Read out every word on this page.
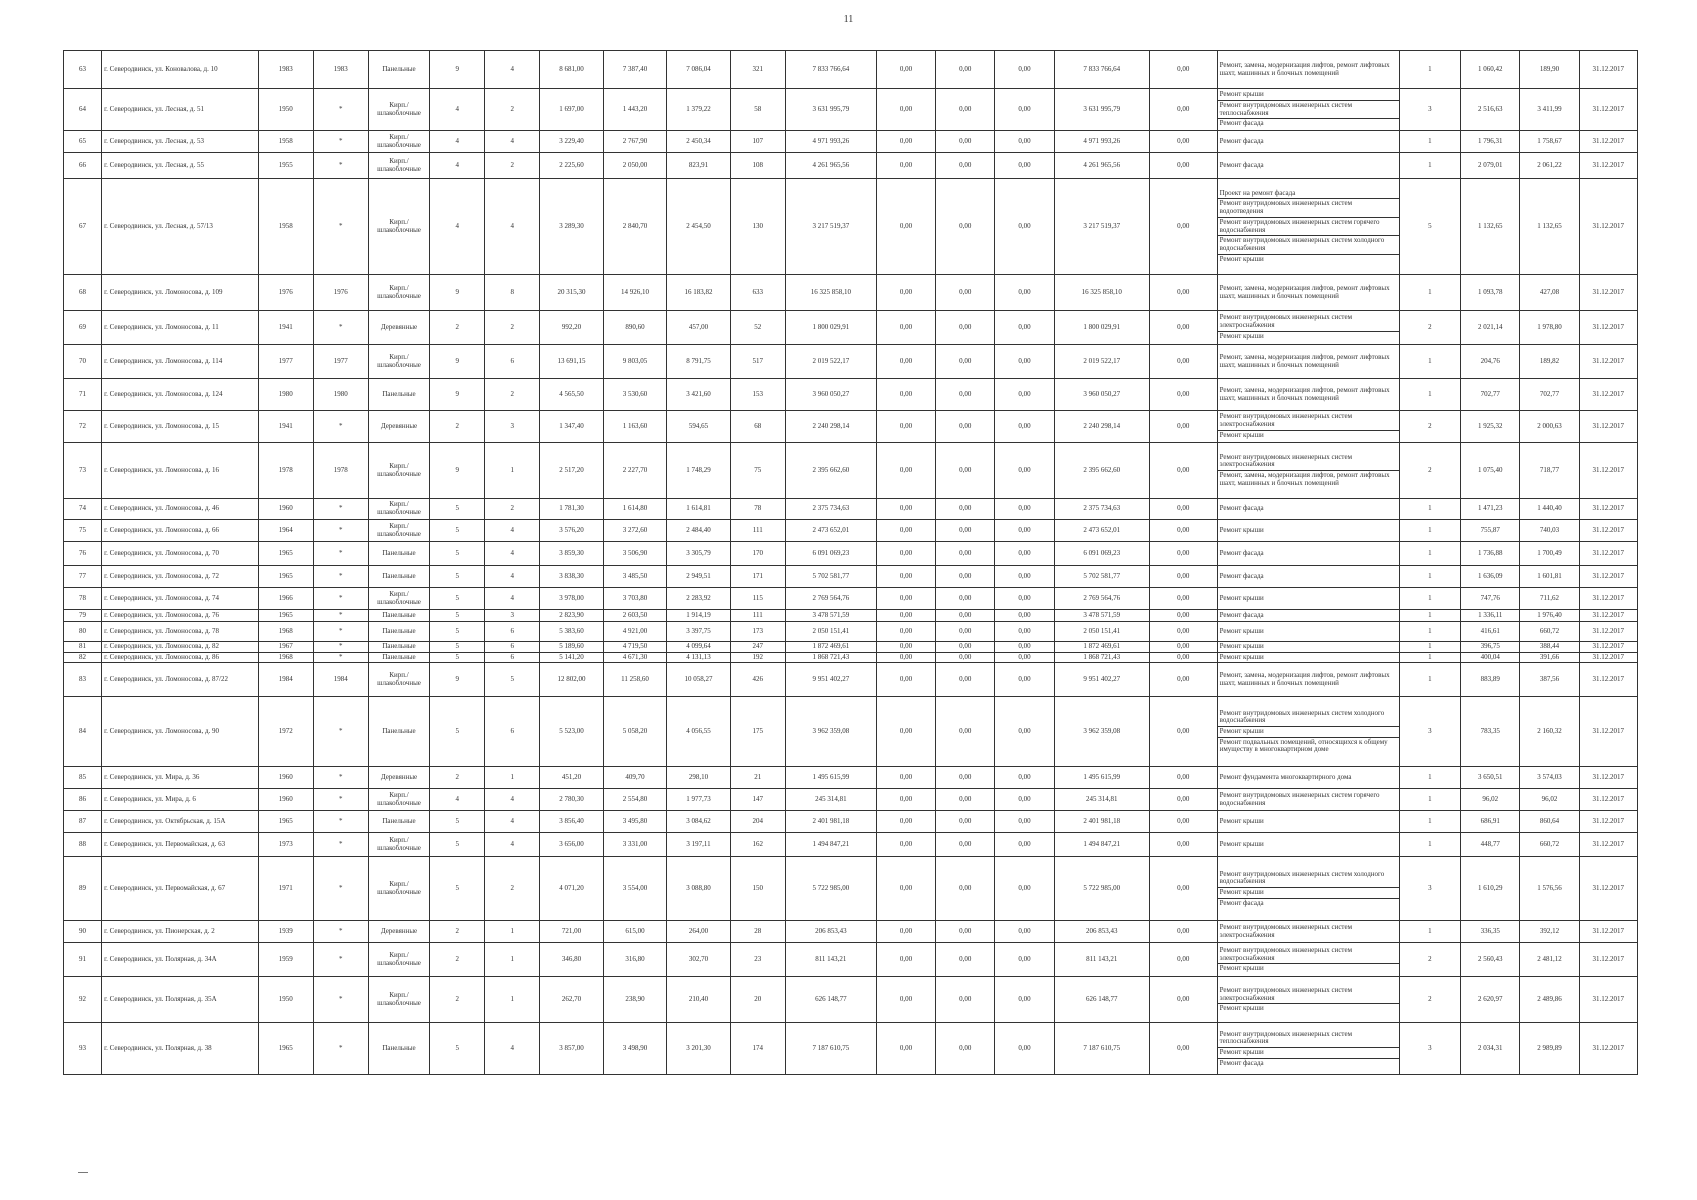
11
63	г. Северодвинск, ул. Коновалова, д. 10	1983	1983	Панельные	9	4	8 681,00	7 387,40	7 086,04	321	7 833 766,64	0,00	0,00	0,00	7 833 766,64	0,00	Ремонт, замена, модернизация лифтов, ремонт лифтовых шахт, машинных и блочных помещений	1	1 060,42	189,90	31.12.2017
64	г. Северодвинск, ул. Лесная, д. 51	1950	*	Кирп./ шлакоблочные	4	2	1 697,00	1 443,20	1 379,22	58	3 631 995,79	0,00	0,00	0,00	3 631 995,79	0,00	Ремонт крыши
Ремонт внутридомовых инженерных систем теплоснабжения
Ремонт фасада	3	2 516,63	3 411,99	31.12.2017
65	г. Северодвинск, ул. Лесная, д. 53	1958	*	Кирп./ шлакоблочные	4	4	3 229,40	2 767,90	2 450,34	107	4 971 993,26	0,00	0,00	0,00	4 971 993,26	0,00	Ремонт фасада	1	1 796,31	1 758,67	31.12.2017
66	г. Северодвинск, ул. Лесная, д. 55	1955	*	Кирп./ шлакоблочные	4	2	2 225,60	2 050,00	823,91	108	4 261 965,56	0,00	0,00	0,00	4 261 965,56	0,00	Ремонт фасада	1	2 079,01	2 061,22	31.12.2017
67	г. Северодвинск, ул. Лесная, д. 57/13	1958	*	Кирп./ шлакоблочные	4	4	3 289,30	2 840,70	2 454,50	130	3 217 519,37	0,00	0,00	0,00	3 217 519,37	0,00	Проект на ремонт фасада
Ремонт внутридомовых инженерных систем водоотведения
Ремонт внутридомовых инженерных систем горячего водоснабжения
Ремонт внутридомовых инженерных систем холодного водоснабжения
Ремонт крыши	5	1 132,65	1 132,65	31.12.2017
68	г. Северодвинск, ул. Ломоносова, д. 109	1976	1976	Кирп./ шлакоблочные	9	8	20 315,30	14 926,10	16 183,82	633	16 325 858,10	0,00	0,00	0,00	16 325 858,10	0,00	Ремонт, замена, модернизация лифтов, ремонт лифтовых шахт, машинных и блочных помещений	1	1 093,78	427,08	31.12.2017
69	г. Северодвинск, ул. Ломоносова, д. 11	1941	*	Деревянные	2	2	992,20	890,60	457,00	52	1 800 029,91	0,00	0,00	0,00	1 800 029,91	0,00	Ремонт внутридомовых инженерных систем электроснабжения
Ремонт крыши	2	2 021,14	1 978,80	31.12.2017
70	г. Северодвинск, ул. Ломоносова, д. 114	1977	1977	Кирп./ шлакоблочные	9	6	13 691,15	9 803,05	8 791,75	517	2 019 522,17	0,00	0,00	0,00	2 019 522,17	0,00	Ремонт, замена, модернизация лифтов, ремонт лифтовых шахт, машинных и блочных помещений	1	204,76	189,82	31.12.2017
71	г. Северодвинск, ул. Ломоносова, д. 124	1980	1980	Панельные	9	2	4 565,50	3 530,60	3 421,60	153	3 960 050,27	0,00	0,00	0,00	3 960 050,27	0,00	Ремонт, замена, модернизация лифтов, ремонт лифтовых шахт, машинных и блочных помещений	1	702,77	702,77	31.12.2017
72	г. Северодвинск, ул. Ломоносова, д. 15	1941	*	Деревянные	2	3	1 347,40	1 163,60	594,65	68	2 240 298,14	0,00	0,00	0,00	2 240 298,14	0,00	Ремонт внутридомовых инженерных систем электроснабжения
Ремонт крыши	2	1 925,32	2 000,63	31.12.2017
73	г. Северодвинск, ул. Ломоносова, д. 16	1978	1978	Кирп./ шлакоблочные	9	1	2 517,20	2 227,70	1 748,29	75	2 395 662,60	0,00	0,00	0,00	2 395 662,60	0,00	Ремонт внутридомовых инженерных систем электроснабжения
Ремонт, замена, модернизация лифтов, ремонт лифтовых шахт, машинных и блочных помещений	2	1 075,40	718,77	31.12.2017
74	г. Северодвинск, ул. Ломоносова, д. 46	1960	*	Кирп./ шлакоблочные	5	2	1 781,30	1 614,80	1 614,81	78	2 375 734,63	0,00	0,00	0,00	2 375 734,63	0,00	Ремонт фасада	1	1 471,23	1 440,40	31.12.2017
75	г. Северодвинск, ул. Ломоносова, д. 66	1964	*	Кирп./ шлакоблочные	5	4	3 576,20	3 272,60	2 484,40	111	2 473 652,01	0,00	0,00	0,00	2 473 652,01	0,00	Ремонт крыши	1	755,87	740,03	31.12.2017
76	г. Северодвинск, ул. Ломоносова, д. 70	1965	*	Панельные	5	4	3 859,30	3 506,90	3 305,79	170	6 091 069,23	0,00	0,00	0,00	6 091 069,23	0,00	Ремонт фасада	1	1 736,88	1 700,49	31.12.2017
77	г. Северодвинск, ул. Ломоносова, д. 72	1965	*	Панельные	5	4	3 838,30	3 485,50	2 949,51	171	5 702 581,77	0,00	0,00	0,00	5 702 581,77	0,00	Ремонт фасада	1	1 636,09	1 601,81	31.12.2017
78	г. Северодвинск, ул. Ломоносова, д. 74	1966	*	Кирп./ шлакоблочные	5	4	3 978,00	3 703,80	2 283,92	115	2 769 564,76	0,00	0,00	0,00	2 769 564,76	0,00	Ремонт крыши	1	747,76	711,62	31.12.2017
79	г. Северодвинск, ул. Ломоносова, д. 76	1965	*	Панельные	5	3	2 823,90	2 603,50	1 914,19	111	3 478 571,59	0,00	0,00	0,00	3 478 571,59	0,00	Ремонт фасада	1	1 336,11	1 976,40	31.12.2017
80	г. Северодвинск, ул. Ломоносова, д. 78	1968	*	Панельные	5	6	5 383,60	4 921,00	3 397,75	173	2 050 151,41	0,00	0,00	0,00	2 050 151,41	0,00	Ремонт крыши	1	416,61	660,72	31.12.2017
81	г. Северодвинск, ул. Ломоносова, д. 82	1967	*	Панельные	5	6	5 189,60	4 719,50	4 099,64	247	1 872 469,61	0,00	0,00	0,00	1 872 469,61	0,00	Ремонт крыши	1	396,75	388,44	31.12.2017
82	г. Северодвинск, ул. Ломоносова, д. 86	1968	*	Панельные	5	6	5 141,20	4 671,30	4 131,13	192	1 868 721,43	0,00	0,00	0,00	1 868 721,43	0,00	Ремонт крыши	1	400,04	391,66	31.12.2017
83	г. Северодвинск, ул. Ломоносова, д. 87/22	1984	1984	Кирп./ шлакоблочные	9	5	12 802,00	11 258,60	10 058,27	426	9 951 402,27	0,00	0,00	0,00	9 951 402,27	0,00	Ремонт, замена, модернизация лифтов, ремонт лифтовых шахт, машинных и блочных помещений	1	883,89	387,56	31.12.2017
84	г. Северодвинск, ул. Ломоносова, д. 90	1972	*	Панельные	5	6	5 523,00	5 058,20	4 056,55	175	3 962 359,08	0,00	0,00	0,00	3 962 359,08	0,00	Ремонт внутридомовых инженерных систем холодного водоснабжения
Ремонт крыши
Ремонт подвальных помещений, относящихся к общему имуществу в многоквартирном доме	3	783,35	2 160,32	31.12.2017
85	г. Северодвинск, ул. Мира, д. 36	1960	*	Деревянные	2	1	451,20	409,70	298,10	21	1 495 615,99	0,00	0,00	0,00	1 495 615,99	0,00	Ремонт фундамента многоквартирного дома	1	3 650,51	3 574,03	31.12.2017
86	г. Северодвинск, ул. Мира, д. 6	1960	*	Кирп./ шлакоблочные	4	4	2 780,30	2 554,80	1 977,73	147	245 314,81	0,00	0,00	0,00	245 314,81	0,00	Ремонт внутридомовых инженерных систем горячего водоснабжения	1	96,02	96,02	31.12.2017
87	г. Северодвинск, ул. Октябрьская, д. 15А	1965	*	Панельные	5	4	3 856,40	3 495,80	3 084,62	204	2 401 981,18	0,00	0,00	0,00	2 401 981,18	0,00	Ремонт крыши	1	686,91	860,64	31.12.2017
88	г. Северодвинск, ул. Первомайская, д. 63	1973	*	Кирп./ шлакоблочные	5	4	3 656,00	3 331,00	3 197,11	162	1 494 847,21	0,00	0,00	0,00	1 494 847,21	0,00	Ремонт крыши	1	448,77	660,72	31.12.2017
89	г. Северодвинск, ул. Первомайская, д. 67	1971	*	Кирп./ шлакоблочные	5	2	4 071,20	3 554,00	3 088,80	150	5 722 985,00	0,00	0,00	0,00	5 722 985,00	0,00	Ремонт внутридомовых инженерных систем холодного водоснабжения
Ремонт крыши
Ремонт фасада	3	1 610,29	1 576,56	31.12.2017
90	г. Северодвинск, ул. Пионерская, д. 2	1939	*	Деревянные	2	1	721,00	615,00	264,00	28	206 853,43	0,00	0,00	0,00	206 853,43	0,00	Ремонт внутридомовых инженерных систем электроснабжения	1	336,35	392,12	31.12.2017
91	г. Северодвинск, ул. Полярная, д. 34А	1959	*	Кирп./ шлакоблочные	2	1	346,80	316,80	302,70	23	811 143,21	0,00	0,00	0,00	811 143,21	0,00	Ремонт внутридомовых инженерных систем электроснабжения
Ремонт крыши	2	2 560,43	2 481,12	31.12.2017
92	г. Северодвинск, ул. Полярная, д. 35А	1950	*	Кирп./ шлакоблочные	2	1	262,70	238,90	210,40	20	626 148,77	0,00	0,00	0,00	626 148,77	0,00	Ремонт внутридомовых инженерных систем электроснабжения
Ремонт крыши	2	2 620,97	2 489,86	31.12.2017
93	г. Северодвинск, ул. Полярная, д. 38	1965	*	Панельные	5	4	3 857,00	3 498,90	3 201,30	174	7 187 610,75	0,00	0,00	0,00	7 187 610,75	0,00	Ремонт внутридомовых инженерных систем теплоснабжения
Ремонт крыши
Ремонт фасада	3	2 034,31	2 989,89	31.12.2017
